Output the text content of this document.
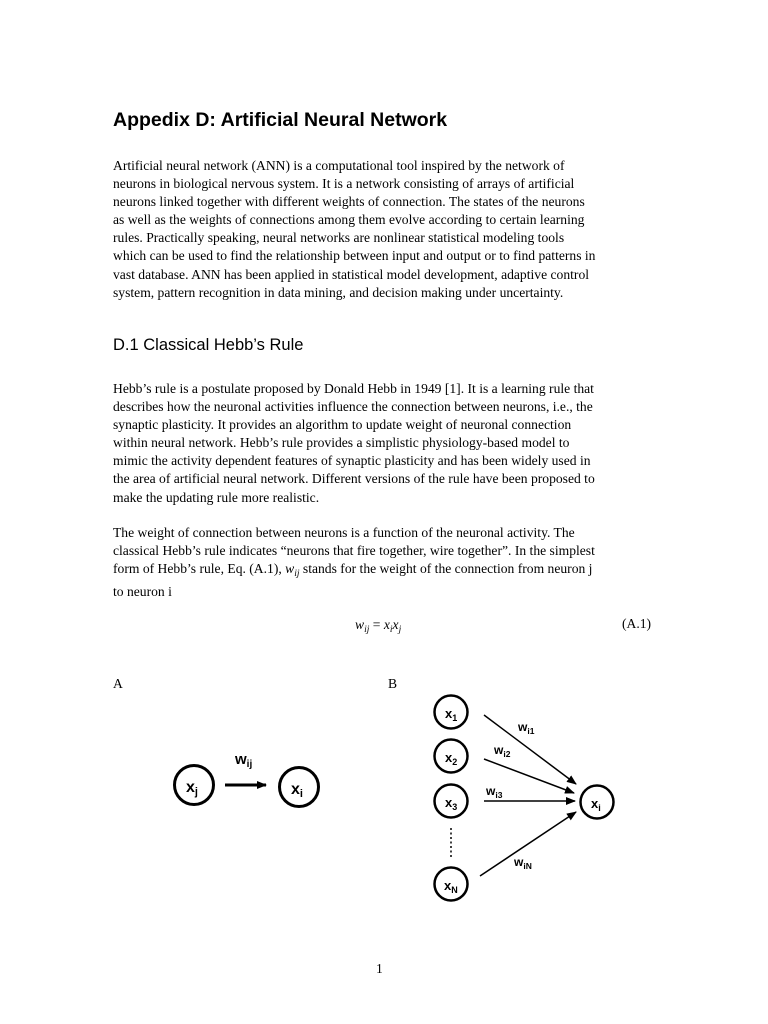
Appedix D: Artificial Neural Network
Artificial neural network (ANN) is a computational tool inspired by the network of
neurons in biological nervous system. It is a network consisting of arrays of artificial
neurons linked together with different weights of connection. The states of the neurons
as well as the weights of connections among them evolve according to certain learning
rules. Practically speaking, neural networks are nonlinear statistical modeling tools
which can be used to find the relationship between input and output or to find patterns in
vast database. ANN has been applied in statistical model development, adaptive control
system, pattern recognition in data mining, and decision making under uncertainty.
D.1 Classical Hebb’s Rule
Hebb’s rule is a postulate proposed by Donald Hebb in 1949 [1]. It is a learning rule that
describes how the neuronal activities influence the connection between neurons, i.e., the
synaptic plasticity. It provides an algorithm to update weight of neuronal connection
within neural network. Hebb’s rule provides a simplistic physiology-based model to
mimic the activity dependent features of synaptic plasticity and has been widely used in
the area of artificial neural network. Different versions of the rule have been proposed to
make the updating rule more realistic.
The weight of connection between neurons is a function of the neuronal activity. The
classical Hebb’s rule indicates “neurons that fire together, wire together”. In the simplest
form of Hebb’s rule, Eq. (A.1), $w_{ij}$ stands for the weight of the connection from neuron j
to neuron i
$w_{ij} = x_ix_j$	(A.1)
A	B
xj	xi
$w_{ij}$
$x_1$
$x_2$
$x_3$
$x_N$
$x_i$
$w_{i1}$
$w_{i2}$
$w_{i3}$
$w_{iN}$
1
